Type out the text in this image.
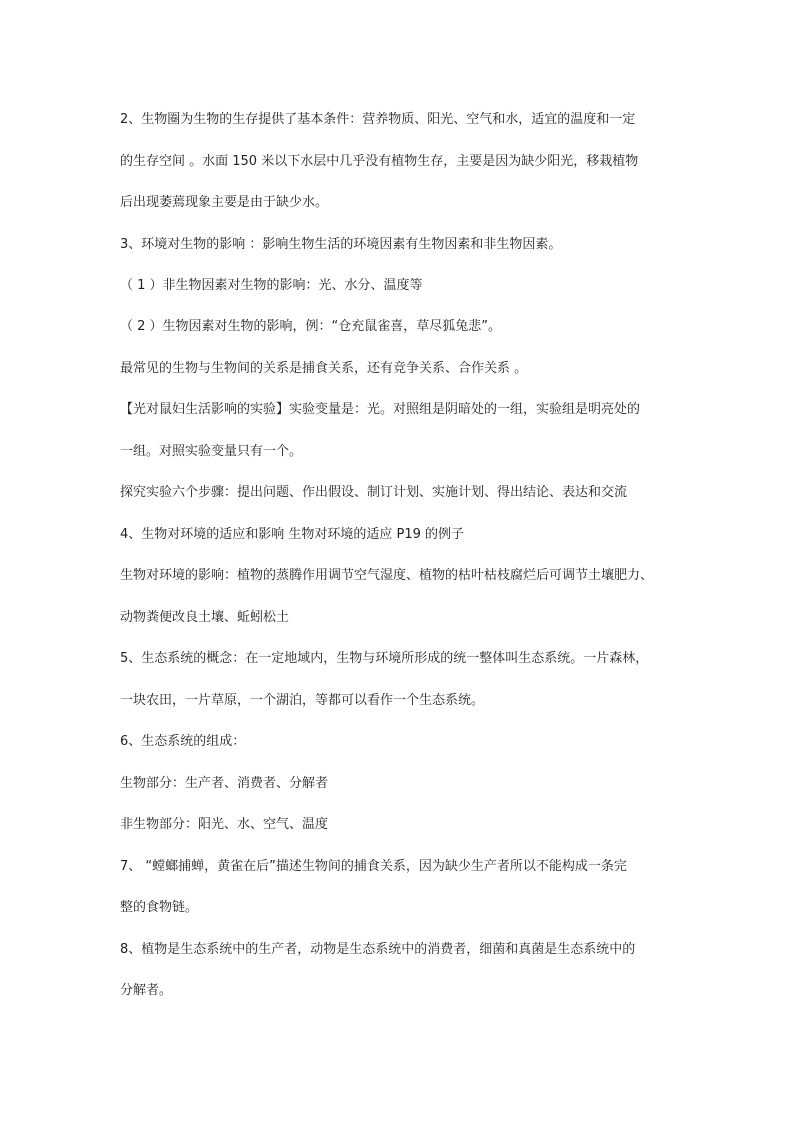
2、生物圈为生物的生存提供了基本条件：营养物质、阳光、空气和水，适宜的温度和一定
的生存空间 。水面 150 米以下水层中几乎没有植物生存，主要是因为缺少阳光，移栽植物
后出现萎蔫现象主要是由于缺少水。
3、环境对生物的影响 ：影响生物生活的环境因素有生物因素和非生物因素。
（ 1 ）非生物因素对生物的影响：光、水分、温度等
（ 2 ）生物因素对生物的影响，例：“仓充鼠雀喜，草尽狐兔悲”。
最常见的生物与生物间的关系是捕食关系，还有竞争关系、合作关系 。
【光对鼠妇生活影响的实验】实验变量是：光。对照组是阴暗处的一组，实验组是明亮处的
一组。对照实验变量只有一个。
探究实验六个步骤：提出问题、作出假设、制订计划、实施计划、得出结论、表达和交流
4、生物对环境的适应和影响 生物对环境的适应 P19 的例子
生物对环境的影响：植物的蒸腾作用调节空气湿度、植物的枯叶枯枝腐烂后可调节土壤肥力、
动物粪便改良土壤、蚯蚓松土
5、生态系统的概念：在一定地域内，生物与环境所形成的统一整体叫生态系统。一片森林，
一块农田，一片草原，一个湖泊，等都可以看作一个生态系统。
6、生态系统的组成：
生物部分：生产者、消费者、分解者
非生物部分：阳光、水、空气、温度
7、 “螳螂捕蝉，黄雀在后”描述生物间的捕食关系，因为缺少生产者所以不能构成一条完
整的食物链。
8、植物是生态系统中的生产者，动物是生态系统中的消费者，细菌和真菌是生态系统中的
分解者。
